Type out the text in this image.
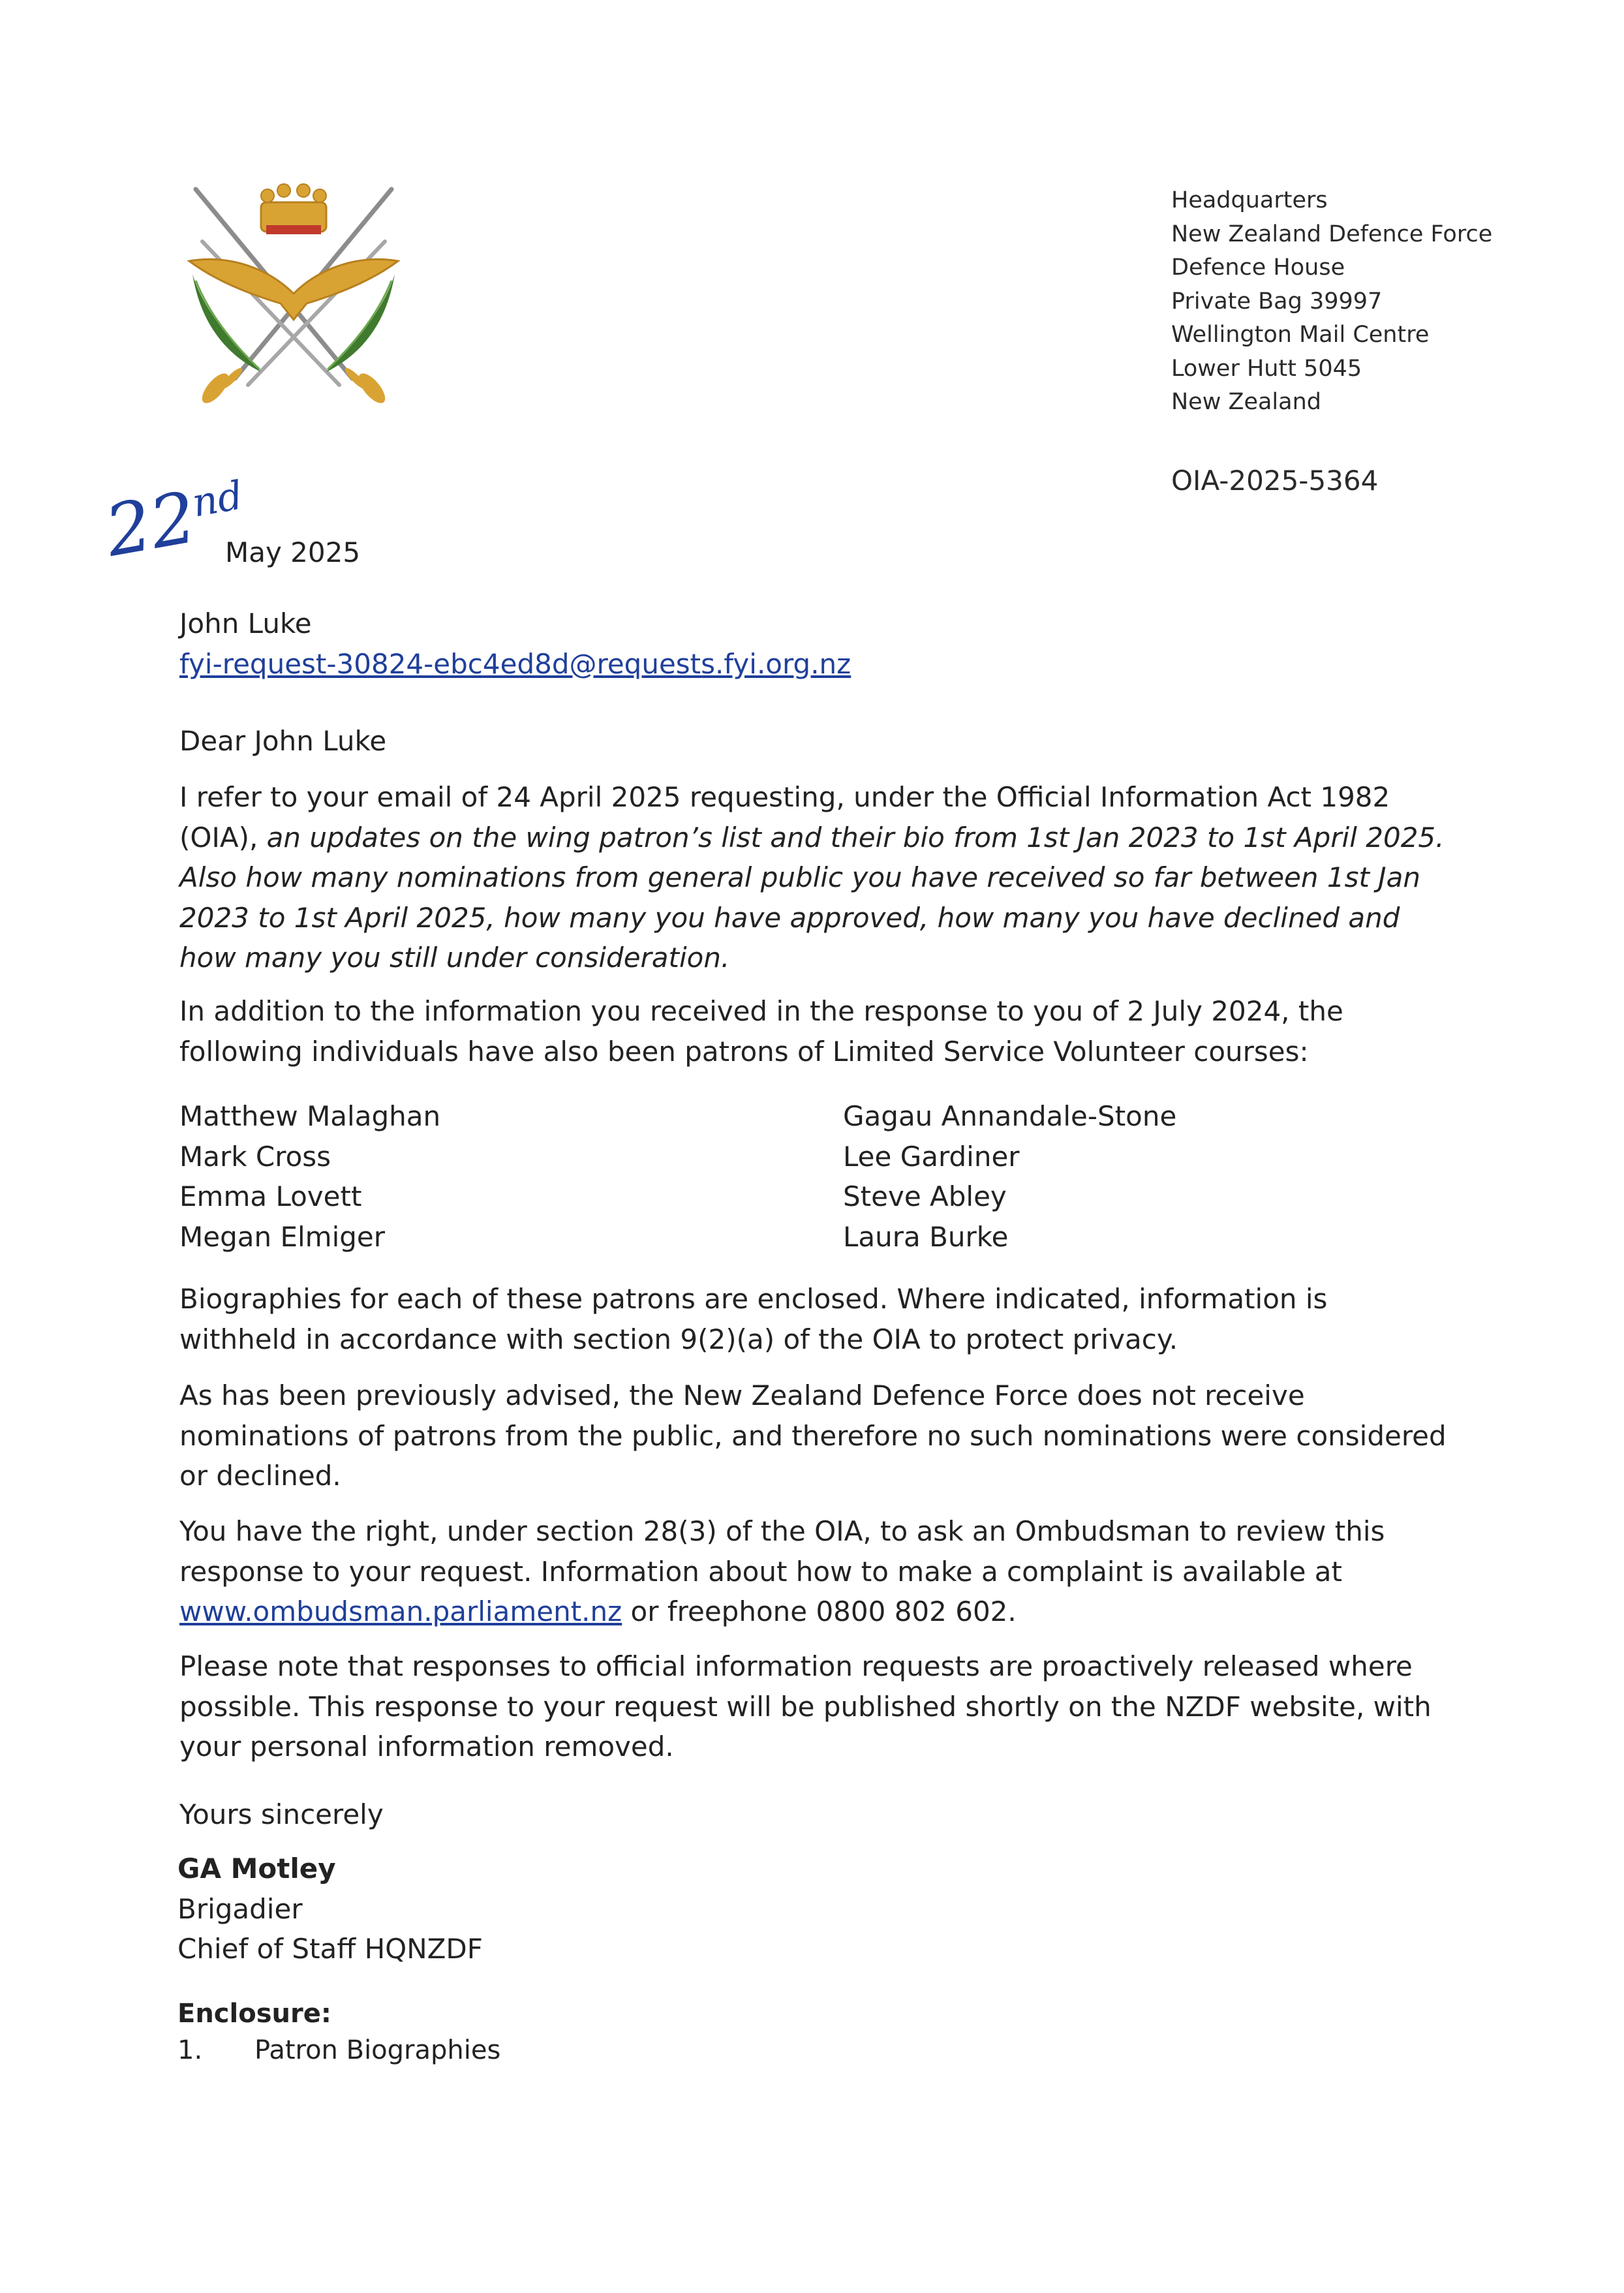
Headquarters
New Zealand Defence Force
Defence House
Private Bag 39997
Wellington Mail Centre
Lower Hutt 5045
New Zealand
OIA-2025-5364
22nd
May 2025
John Luke
fyi-request-30824-ebc4ed8d@requests.fyi.org.nz
Dear John Luke
I refer to your email of 24 April 2025 requesting, under the Official Information Act 1982 (OIA), an updates on the wing patron’s list and their bio from 1st Jan 2023 to 1st April 2025. Also how many nominations from general public you have received so far between 1st Jan 2023 to 1st April 2025, how many you have approved, how many you have declined and how many you still under consideration.
In addition to the information you received in the response to you of 2 July 2024, the following individuals have also been patrons of Limited Service Volunteer courses:
Matthew Malaghan
Mark Cross
Emma Lovett
Megan Elmiger
Gagau Annandale-Stone
Lee Gardiner
Steve Abley
Laura Burke
Biographies for each of these patrons are enclosed. Where indicated, information is withheld in accordance with section 9(2)(a) of the OIA to protect privacy.
As has been previously advised, the New Zealand Defence Force does not receive nominations of patrons from the public, and therefore no such nominations were considered or declined.
You have the right, under section 28(3) of the OIA, to ask an Ombudsman to review this response to your request. Information about how to make a complaint is available at www.ombudsman.parliament.nz or freephone 0800 802 602.
Please note that responses to official information requests are proactively released where possible. This response to your request will be published shortly on the NZDF website, with your personal information removed.
Yours sincerely
GA Motley
Brigadier
Chief of Staff HQNZDF
Enclosure:
1. Patron Biographies
